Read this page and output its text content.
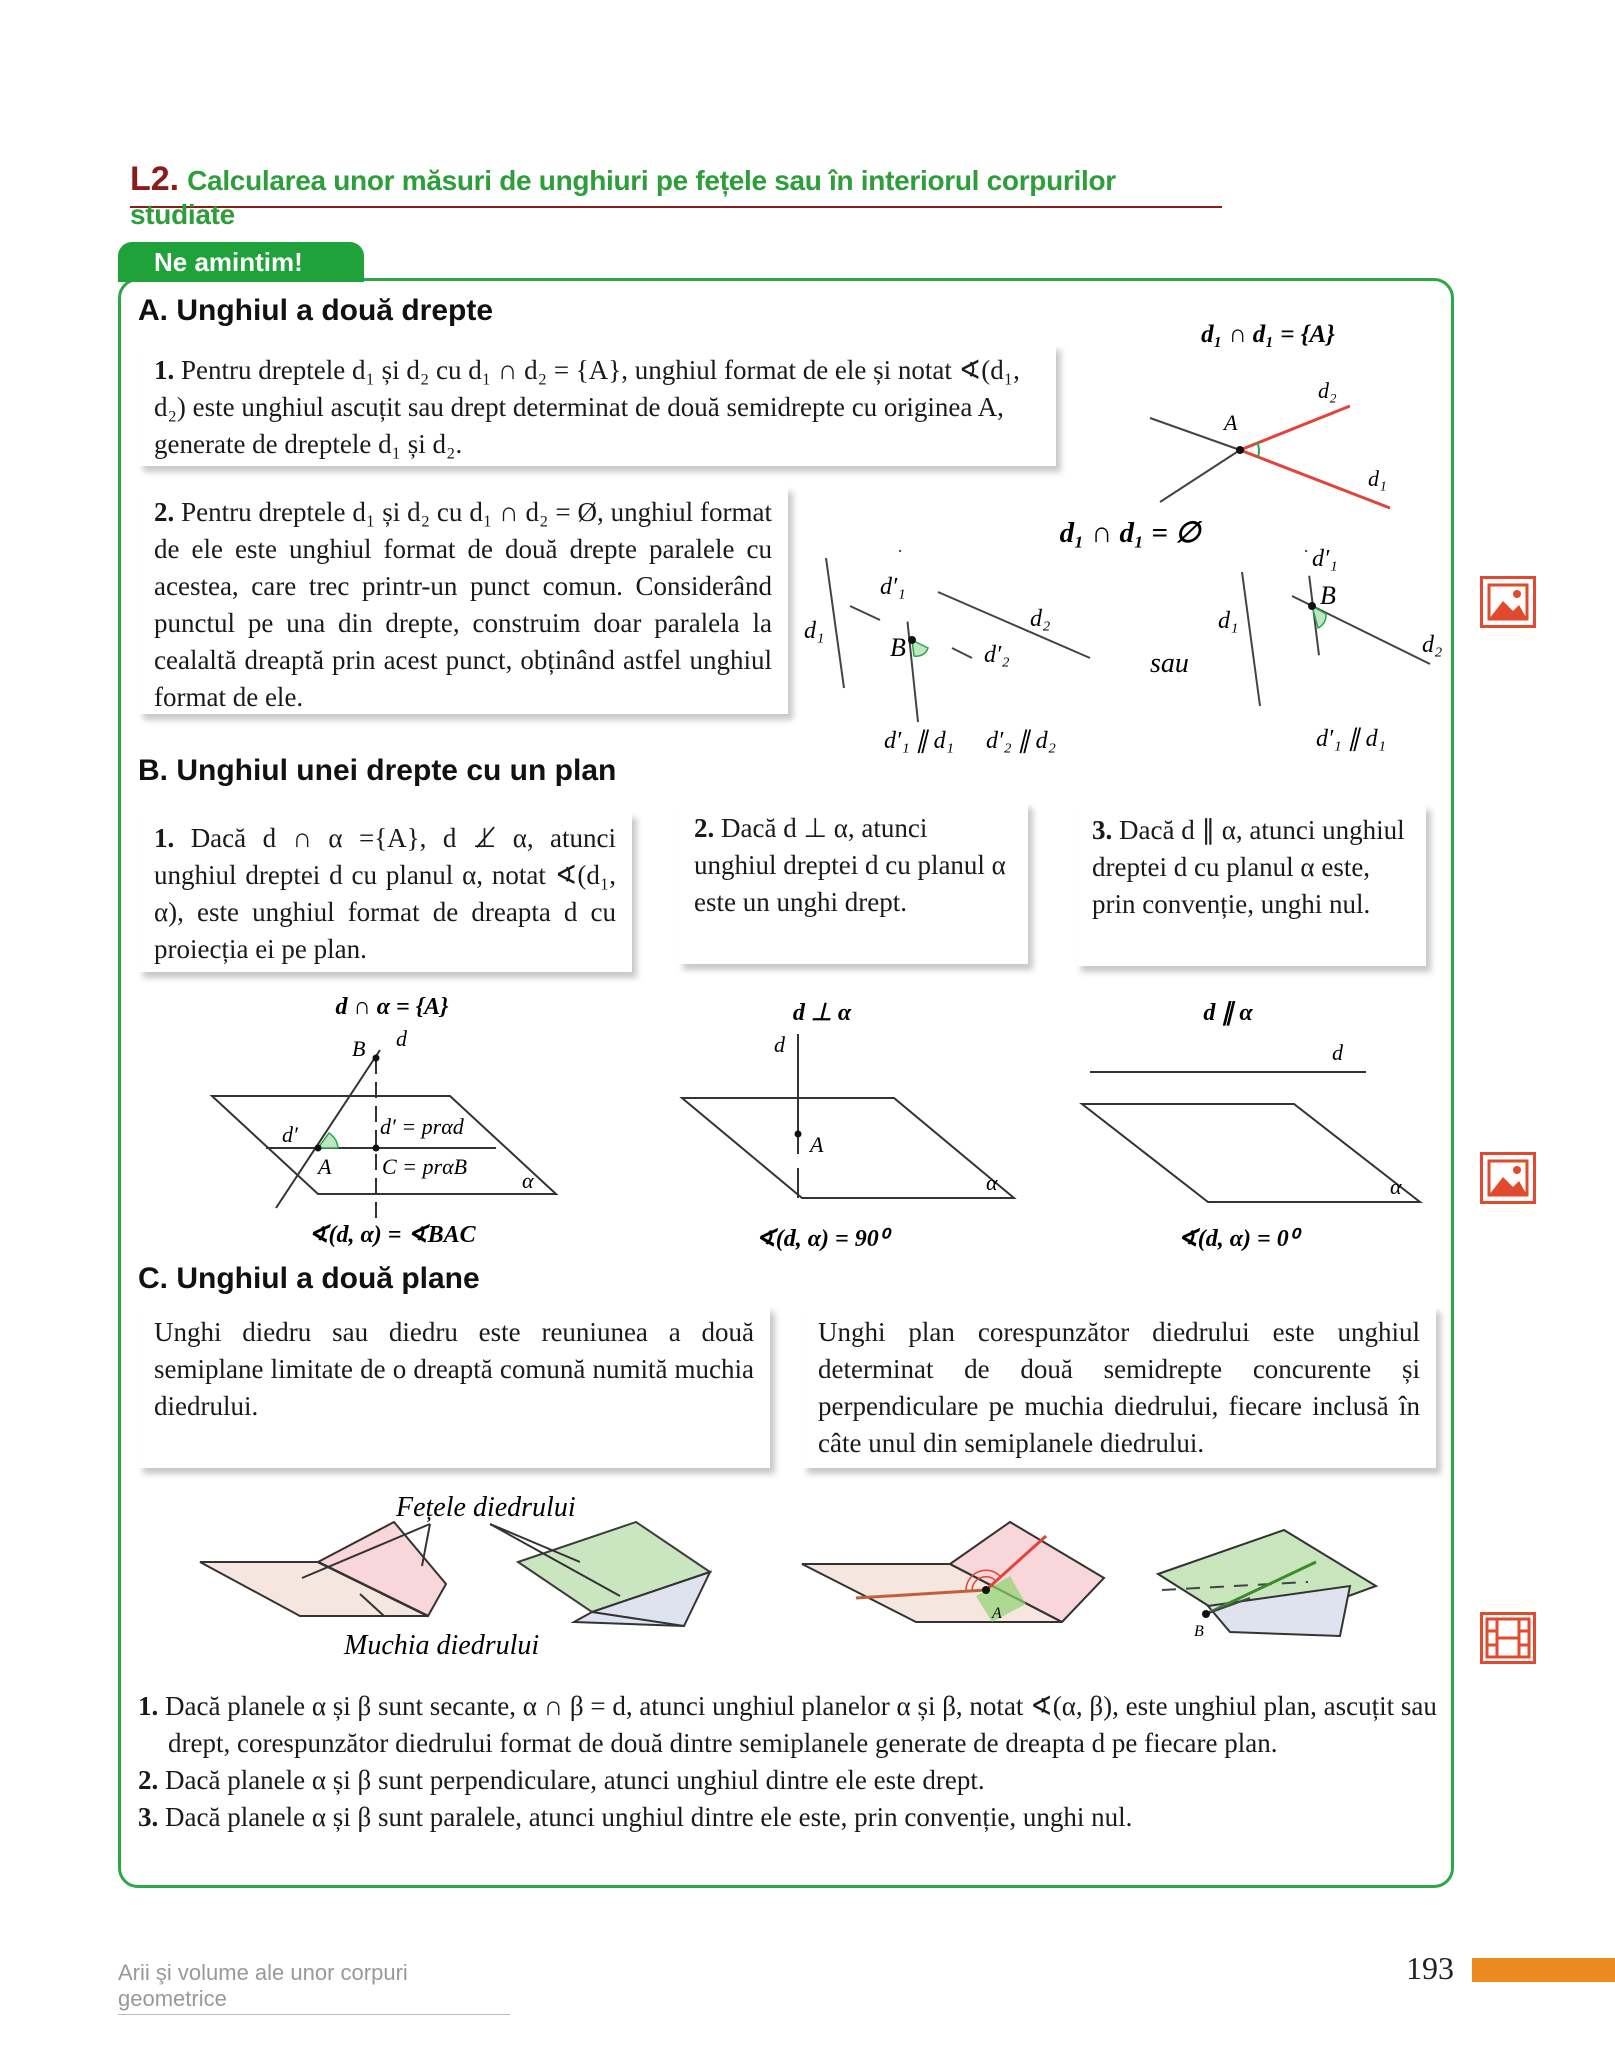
L2. Calcularea unor măsuri de unghiuri pe fețele sau în interiorul corpurilor studiate
Ne amintim!
A. Unghiul a două drepte
1. Pentru dreptele d₁ și d₂ cu d₁ ∩ d₂ = {A}, unghiul format de ele și notat ∢(d₁, d₂) este unghiul ascuțit sau drept determinat de două semidrepte cu originea A, generate de dreptele d₁ și d₂.
2. Pentru dreptele d₁ și d₂ cu d₁ ∩ d₂ = Ø, unghiul format de ele este unghiul format de două drepte paralele cu acestea, care trec printr-un punct comun. Considerând punctul pe una din drepte, construim doar paralela la cealaltă dreaptă prin acest punct, obținând astfel unghiul format de ele.
d₁ ∩ d₁ = {A}
A
d₂
d₁
d₁ ∩ d₁ = ∅
B
d₁
d′₁
d₂
d′₂
d′₁ ∥ d₁ d′₂ ∥ d₂
sau
B
d₁
d′₁
d₂
d′₁ ∥ d₁
B. Unghiul unei drepte cu un plan
1. Dacă d ∩ α ={A}, d ⊥̸ α, atunci unghiul dreptei d cu planul α, notat ∢(d₁, α), este unghiul format de dreapta d cu proiecția ei pe plan.
2. Dacă d ⊥ α, atunci unghiul dreptei d cu planul α este un unghi drept.
3. Dacă d ∥ α, atunci unghiul dreptei d cu planul α este, prin convenție, unghi nul.
d ∩ α = {A}
B d
d′	d′ = prαd
A C = prαB
α
∢(d, α) = ∢BAC
d ⊥ α
d
A
α
∢(d, α) = 90⁰
d ∥ α
d
α
∢(d, α) = 0⁰
C. Unghiul a două plane
Unghi diedru sau diedru este reuniunea a două semiplane limitate de o dreaptă comună numită muchia diedrului.
Unghi plan corespunzător diedrului este unghiul determinat de două semidrepte concurente și perpendiculare pe muchia diedrului, fiecare inclusă în câte unul din semiplanele diedrului.
Fețele diedrului
Muchia diedrului
A
B
1. Dacă planele α și β sunt secante, α ∩ β = d, atunci unghiul planelor α și β, notat ∢(α, β), este unghiul plan, ascuțit sau drept, corespunzător diedrului format de două dintre semiplanele generate de dreapta d pe fiecare plan.
2. Dacă planele α și β sunt perpendiculare, atunci unghiul dintre ele este drept.
3. Dacă planele α și β sunt paralele, atunci unghiul dintre ele este, prin convenție, unghi nul.
Arii şi volume ale unor corpuri geometrice
193
